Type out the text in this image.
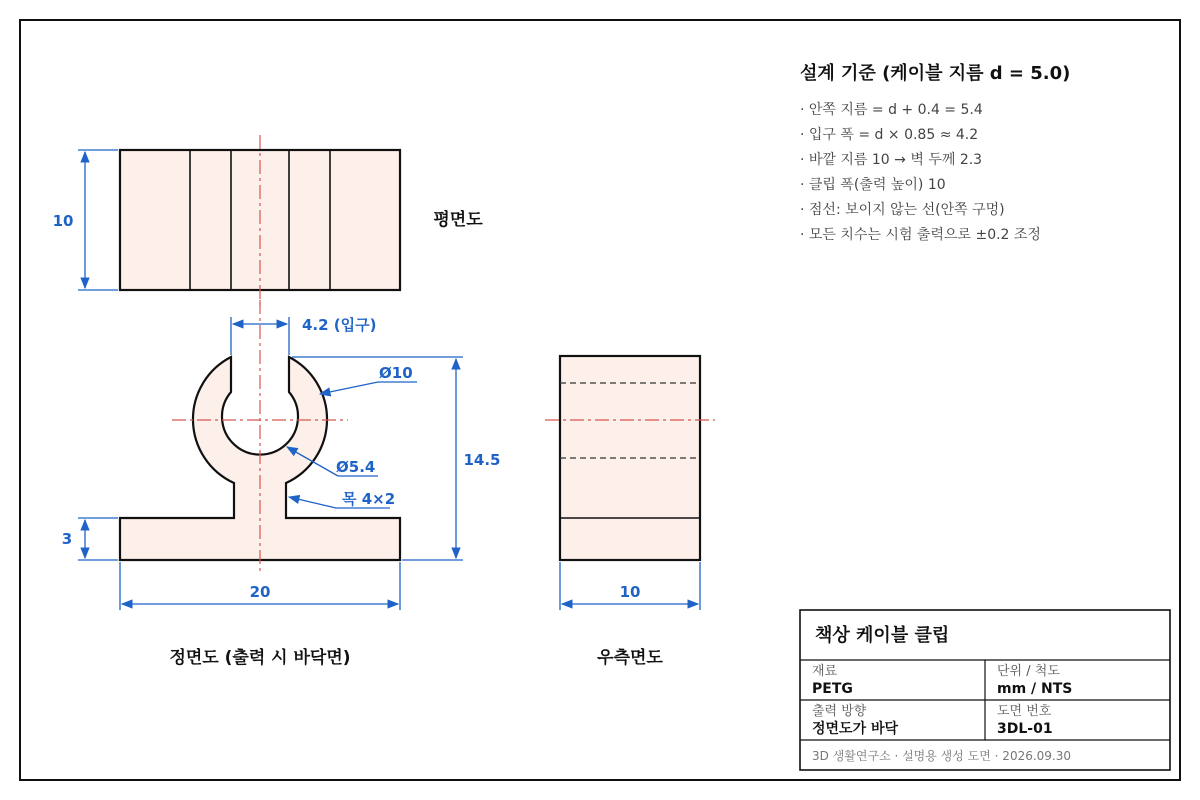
10	평면도
4.2 (입구)
Ø10
Ø5.4
목 4×2
14.5
3
20
정면도 (출력 시 바닥면)
10
우측면도
설계 기준 (케이블 지름 d = 5.0)
· 안쪽 지름 = d + 0.4 = 5.4
· 입구 폭 = d × 0.85 ≈ 4.2
· 바깥 지름 10 → 벽 두께 2.3
· 클립 폭(출력 높이) 10
· 점선: 보이지 않는 선(안쪽 구멍)
· 모든 치수는 시험 출력으로 ±0.2 조정
책상 케이블 클립
재료
PETG
단위 / 척도
mm / NTS
출력 방향
정면도가 바닥
도면 번호
3DL-01
3D 생활연구소 · 설명용 생성 도면 · 2026.09.30
